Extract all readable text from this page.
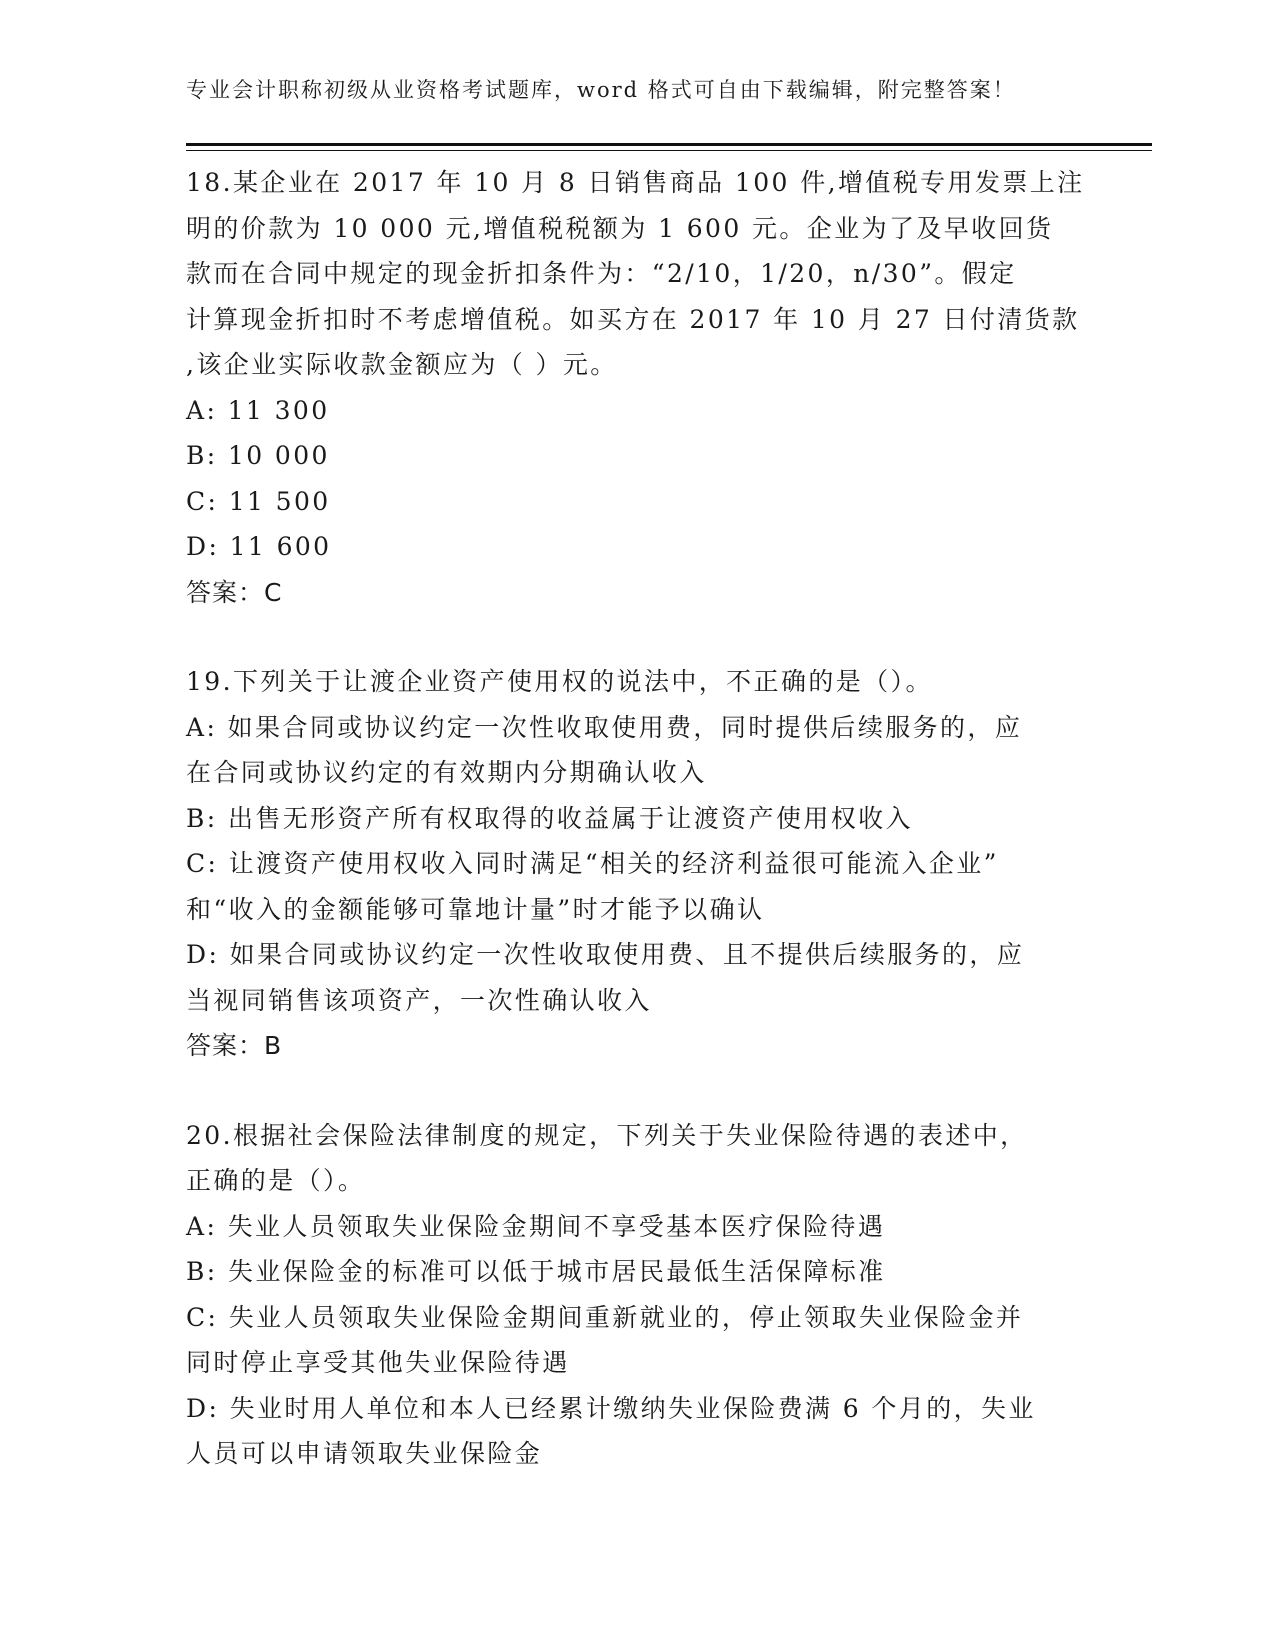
专业会计职称初级从业资格考试题库，word 格式可自由下载编辑，附完整答案！
18.某企业在 2017 年 10 月 8 日销售商品 100 件,增值税专用发票上注
明的价款为 10 000 元,增值税税额为 1 600 元。企业为了及早收回货
款而在合同中规定的现金折扣条件为：“2/10，1/20，n/30”。假定
计算现金折扣时不考虑增值税。如买方在 2017 年 10 月 27 日付清货款
,该企业实际收款金额应为（ ）元。
A: 11 300
B: 10 000
C: 11 500
D: 11 600
答案：C
19.下列关于让渡企业资产使用权的说法中，不正确的是（）。
A: 如果合同或协议约定一次性收取使用费，同时提供后续服务的，应
在合同或协议约定的有效期内分期确认收入
B: 出售无形资产所有权取得的收益属于让渡资产使用权收入
C: 让渡资产使用权收入同时满足“相关的经济利益很可能流入企业”
和“收入的金额能够可靠地计量”时才能予以确认
D: 如果合同或协议约定一次性收取使用费、且不提供后续服务的，应
当视同销售该项资产，一次性确认收入
答案：B
20.根据社会保险法律制度的规定，下列关于失业保险待遇的表述中，
正确的是（）。
A: 失业人员领取失业保险金期间不享受基本医疗保险待遇
B: 失业保险金的标准可以低于城市居民最低生活保障标准
C: 失业人员领取失业保险金期间重新就业的，停止领取失业保险金并
同时停止享受其他失业保险待遇
D: 失业时用人单位和本人已经累计缴纳失业保险费满 6 个月的，失业
人员可以申请领取失业保险金
